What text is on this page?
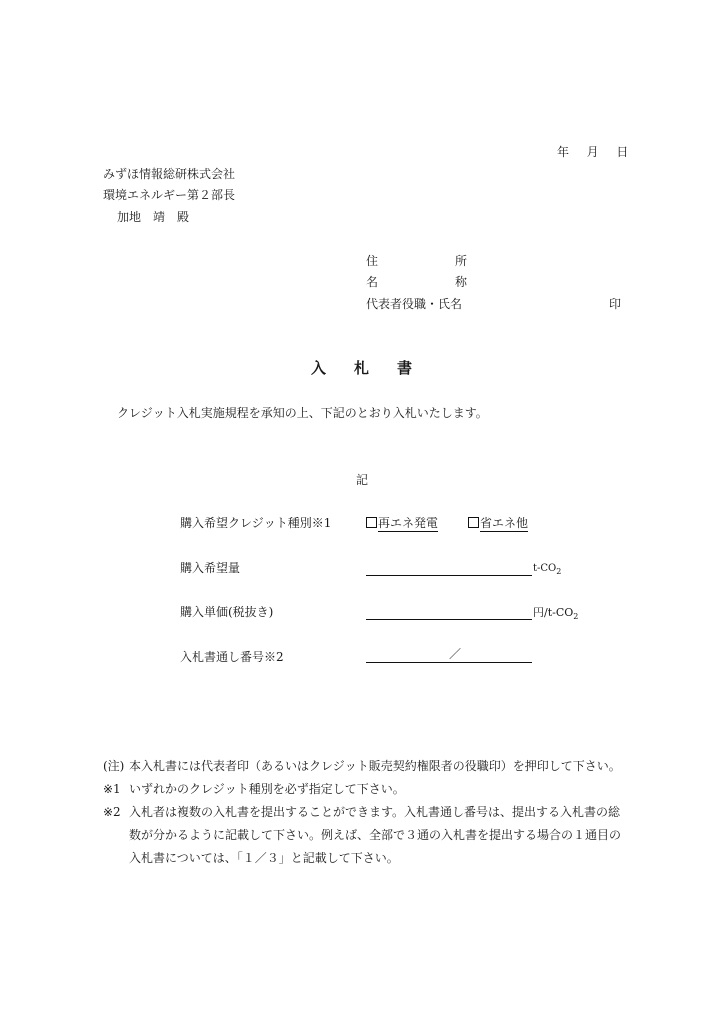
年 月 日
みずほ情報総研株式会社
環境エネルギー第２部長
加地　靖　殿
住	所
名	称
代表者役職・氏名	印
入 札 書
クレジット入札実施規程を承知の上、下記のとおり入札いたします。
記
購入希望クレジット種別※1	再エネ発電	省エネ他
購入希望量	$t-CO_2$
購入単価(税抜き)	円$/t-CO_2$
入札書通し番号※2	／
(注) 本入札書には代表者印（あるいはクレジット販売契約権限者の役職印）を押印して下さい。
※1 いずれかのクレジット種別を必ず指定して下さい。
※2 入札者は複数の入札書を提出することができます。入札書通し番号は、提出する入札書の総数が分かるように記載して下さい。例えば、全部で３通の入札書を提出する場合の１通目の入札書については、「１／３」と記載して下さい。
